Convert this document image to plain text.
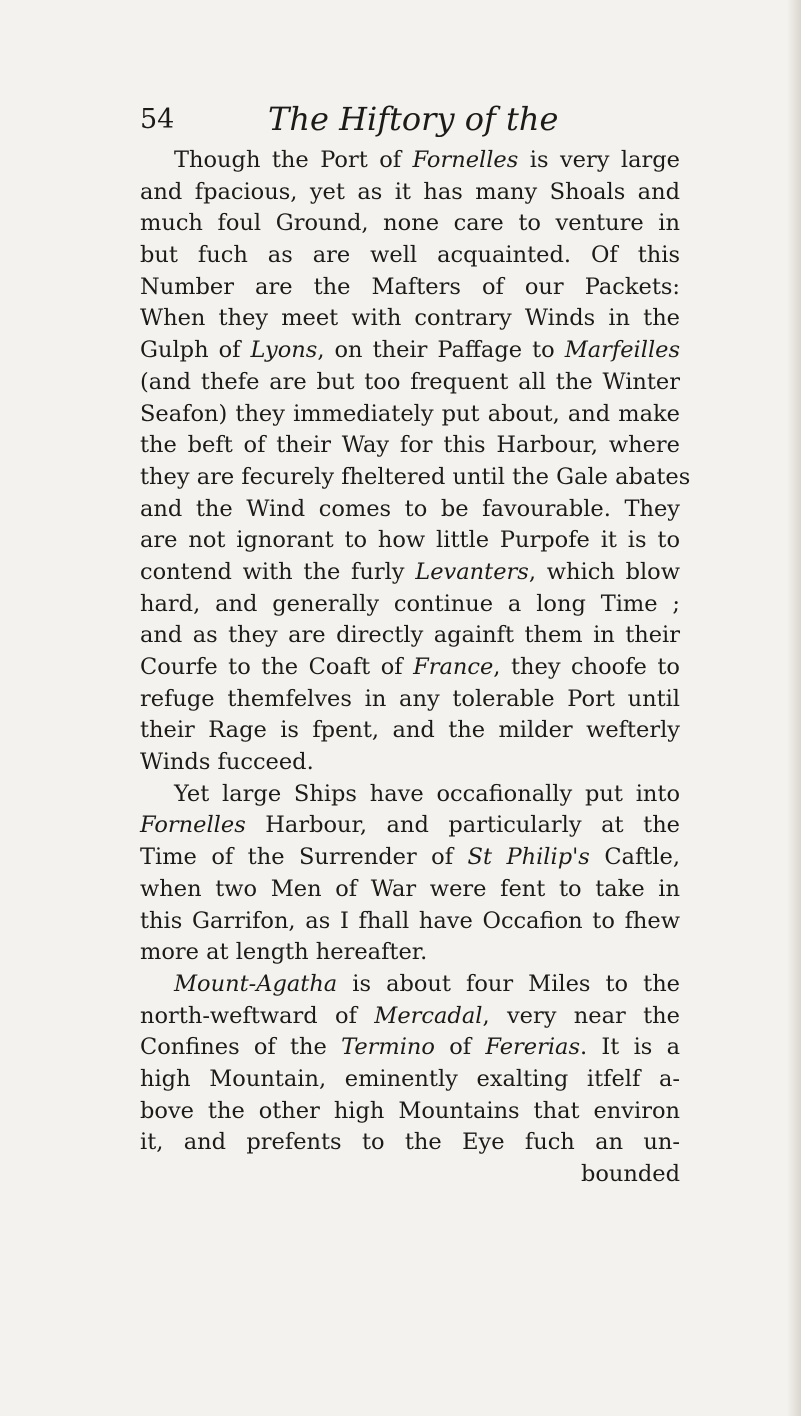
54	The Hiftory of the
Though the Port of Fornelles is very large
and fpacious, yet as it has many Shoals and
much foul Ground, none care to venture in
but fuch as are well acquainted. Of this
Number are the Mafters of our Packets:
When they meet with contrary Winds in the
Gulph of Lyons, on their Paffage to Marfeilles
(and thefe are but too frequent all the Winter
Seafon) they immediately put about, and make
the beft of their Way for this Harbour, where
they are fecurely fheltered until the Gale abates
and the Wind comes to be favourable. They
are not ignorant to how little Purpofe it is to
contend with the furly Levanters, which blow
hard, and generally continue a long Time ;
and as they are directly againft them in their
Courfe to the Coaft of France, they choofe to
refuge themfelves in any tolerable Port until
their Rage is fpent, and the milder wefterly
Winds fucceed.
Yet large Ships have occafionally put into
Fornelles Harbour, and particularly at the
Time of the Surrender of St Philip's Caftle,
when two Men of War were fent to take in
this Garrifon, as I fhall have Occafion to fhew
more at length hereafter.
Mount-Agatha is about four Miles to the
north-weftward of Mercadal, very near the
Confines of the Termino of Fererias. It is a
high Mountain, eminently exalting itfelf a-
bove the other high Mountains that environ
it, and prefents to the Eye fuch an un-
bounded
